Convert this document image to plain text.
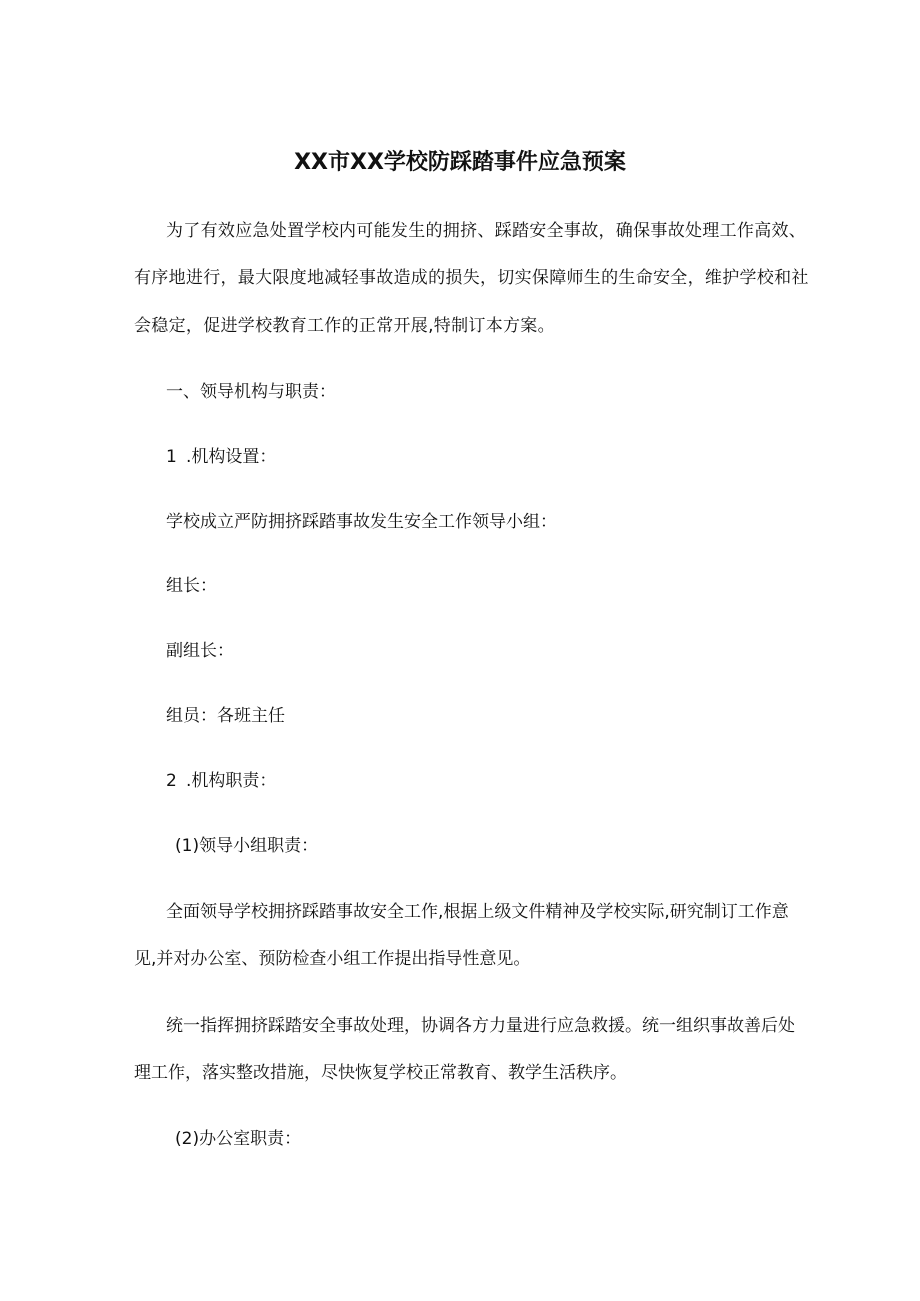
XX市XX学校防踩踏事件应急预案
为了有效应急处置学校内可能发生的拥挤、踩踏安全事故，确保事故处理工作高效、
有序地进行，最大限度地减轻事故造成的损失，切实保障师生的生命安全，维护学校和社
会稳定，促进学校教育工作的正常开展,特制订本方案。
一、领导机构与职责：
1 .机构设置：
学校成立严防拥挤踩踏事故发生安全工作领导小组：
组长：
副组长：
组员：各班主任
2 .机构职责：
(1)领导小组职责：
全面领导学校拥挤踩踏事故安全工作,根据上级文件精神及学校实际,研究制订工作意
见,并对办公室、预防检查小组工作提出指导性意见。
统一指挥拥挤踩踏安全事故处理，协调各方力量进行应急救援。统一组织事故善后处
理工作，落实整改措施，尽快恢复学校正常教育、教学生活秩序。
(2)办公室职责：
